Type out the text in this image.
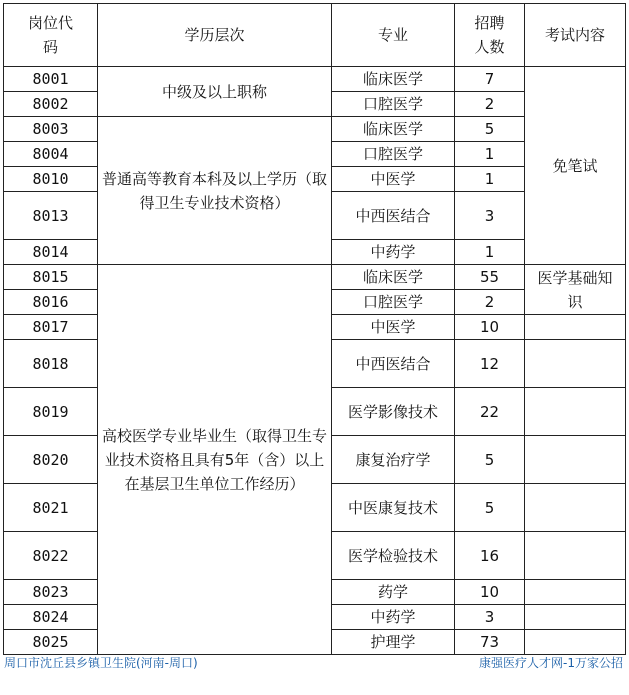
岗位代码	学历层次	专业	招聘人数	考试内容
8001	中级及以上职称	临床医学	7	免笔试
8002		口腔医学	2	
8003	普通高等教育本科及以上学历（取得卫生专业技术资格）	临床医学	5	
8004		口腔医学	1	
8010		中医学	1	
8013		中西医结合	3	
8014		中药学	1	
8015	高校医学专业毕业生（取得卫生专业技术资格且具有5年（含）以上在基层卫生单位工作经历）	临床医学	55	医学基础知识
8016		口腔医学	2	
8017		中医学	10	
8018		中西医结合	12	
8019		医学影像技术	22	
8020		康复治疗学	5	
8021		中医康复技术	5	
8022		医学检验技术	16	
8023		药学	10	
8024		中药学	3	
8025		护理学	73	
周口市沈丘县乡镇卫生院(河南-周口)	康强医疗人才网-1万家公招
